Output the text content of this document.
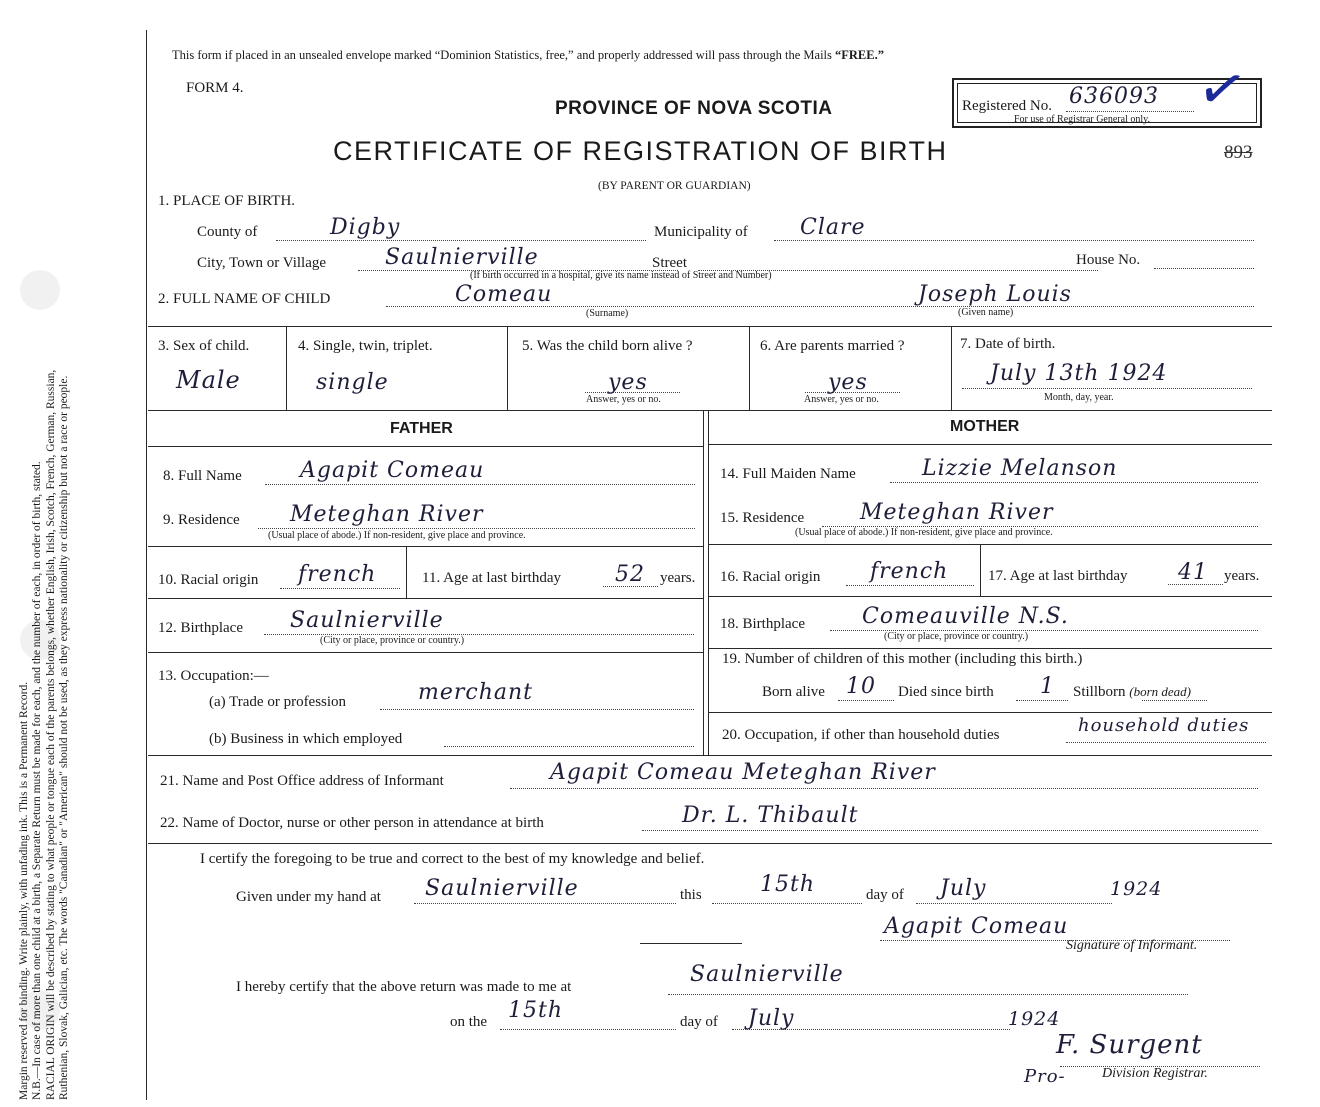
Margin reserved for binding. Write plainly, with unfading ink. This is a Permanent Record. N.B.—In case of more than one child at a birth, a Separate Return must be made for each, and the number of each, in order of birth, stated. RACIAL ORIGIN will be described by stating to what people or tongue each of the parents belongs, whether English, Irish, Scotch, French, German, Russian, Ruthenian, Slovak, Galician, etc. The words "Canadian" or "American" should not be used, as they express nationality or citizenship but not a race or people.
This form if placed in an unsealed envelope marked “Dominion Statistics, free,” and properly addressed will pass through the Mails “FREE.”
FORM 4.
PROVINCE OF NOVA SCOTIA
CERTIFICATE OF REGISTRATION OF BIRTH
(BY PARENT OR GUARDIAN)
Registered No. 636093
For use of Registrar General only. ✓
893
1. PLACE OF BIRTH.
County of	Digby	Municipality of Clare
City, Town or Village	Saulnierville	Street	House No.
(If birth occurred in a hospital, give its name instead of Street and Number)
2. FULL NAME OF CHILD	Comeau	Joseph Louis
(Surname)	(Given name)
3. Sex of child.
Male
4. Single, twin, triplet.
single
5. Was the child born alive ?
yes
Answer, yes or no.
6. Are parents married ?
yes
Answer, yes or no.
7. Date of birth.
July 13th 1924
Month, day, year.
FATHER	MOTHER
8. Full Name	Agapit Comeau
9. Residence Meteghan River
(Usual place of abode.) If non-resident, give place and province.
10. Racial origin french	11. Age at last birthday 52 years.
12. Birthplace Saulnierville
(City or place, province or country.)
13. Occupation:—
(a) Trade or profession	merchant
(b) Business in which employed
14. Full Maiden Name	Lizzie Melanson
15. Residence	Meteghan River
(Usual place of abode.) If non-resident, give place and province.
16. Racial origin french	17. Age at last birthday 41 years.
18. Birthplace	Comeauville N.S.
(City or place, province or country.)
19. Number of children of this mother (including this birth.)
Born alive 10 Died since birth 1 Stillborn (born dead)
20. Occupation, if other than household duties	household duties
21. Name and Post Office address of Informant	Agapit Comeau Meteghan River
22. Name of Doctor, nurse or other person in attendance at birth	Dr. L. Thibault
I certify the foregoing to be true and correct to the best of my knowledge and belief.
Given under my hand at Saulnierville	this	15th	day of July	1924
Agapit Comeau
Signature of Informant.
I hereby certify that the above return was made to me at	Saulnierville
on the 15th	day of July	1924
F. Surgent
Pro-	Division Registrar.
